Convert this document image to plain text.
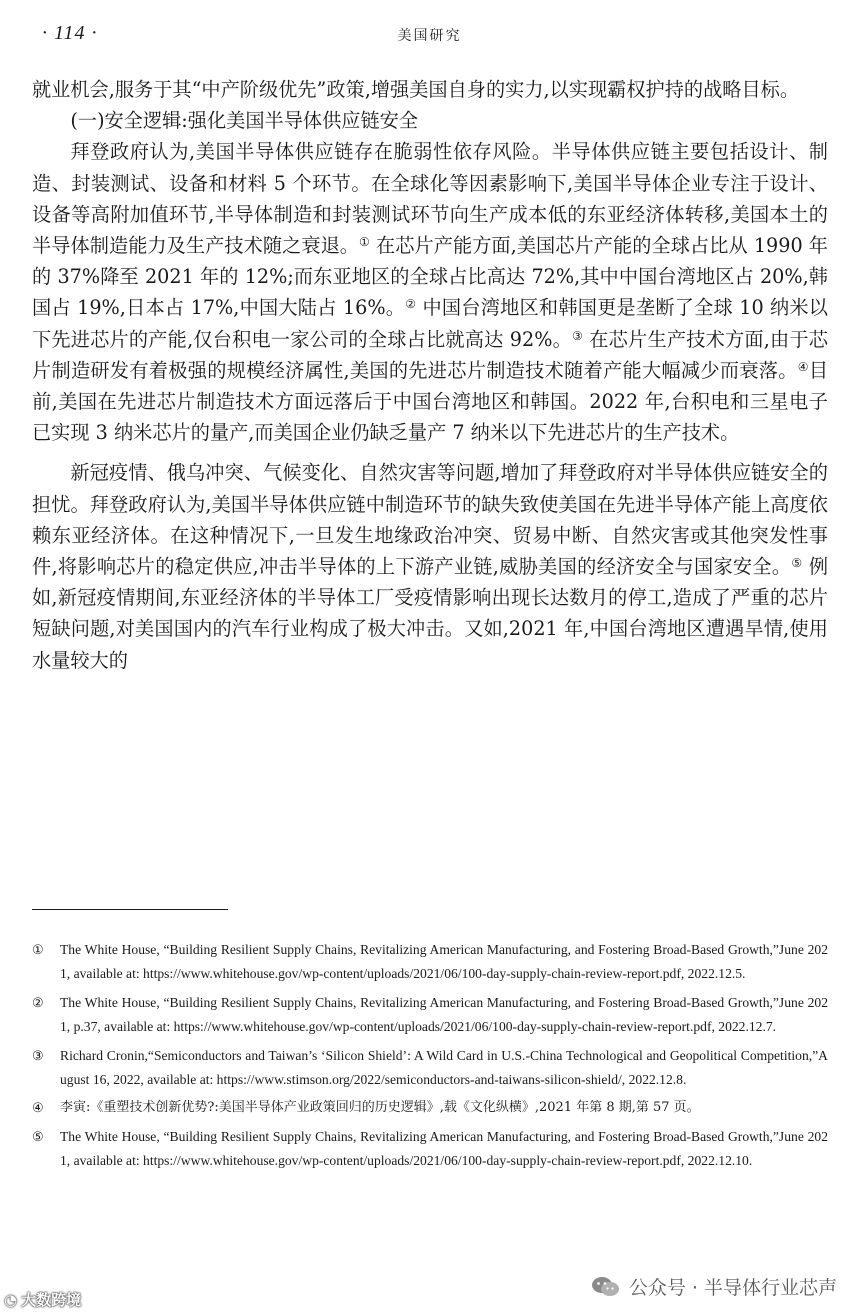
· 114 ·	美国研究

就业机会,服务于其“中产阶级优先”政策,增强美国自身的实力,以实现霸权护持的战略目标。

(一)安全逻辑:强化美国半导体供应链安全

拜登政府认为,美国半导体供应链存在脆弱性依存风险。半导体供应链主要包括设计、制造、封装测试、设备和材料 5 个环节。在全球化等因素影响下,美国半导体企业专注于设计、设备等高附加值环节,半导体制造和封装测试环节向生产成本低的东亚经济体转移,美国本土的半导体制造能力及生产技术随之衰退。① 在芯片产能方面,美国芯片产能的全球占比从 1990 年的 37%降至 2021 年的 12%;而东亚地区的全球占比高达 72%,其中中国台湾地区占 20%,韩国占 19%,日本占 17%,中国大陆占 16%。② 中国台湾地区和韩国更是垄断了全球 10 纳米以下先进芯片的产能,仅台积电一家公司的全球占比就高达 92%。③ 在芯片生产技术方面,由于芯片制造研发有着极强的规模经济属性,美国的先进芯片制造技术随着产能大幅减少而衰落。④目前,美国在先进芯片制造技术方面远落后于中国台湾地区和韩国。2022 年,台积电和三星电子已实现 3 纳米芯片的量产,而美国企业仍缺乏量产 7 纳米以下先进芯片的生产技术。

新冠疫情、俄乌冲突、气候变化、自然灾害等问题,增加了拜登政府对半导体供应链安全的担忧。拜登政府认为,美国半导体供应链中制造环节的缺失致使美国在先进半导体产能上高度依赖东亚经济体。在这种情况下,一旦发生地缘政治冲突、贸易中断、自然灾害或其他突发性事件,将影响芯片的稳定供应,冲击半导体的上下游产业链,威胁美国的经济安全与国家安全。⑤ 例如,新冠疫情期间,东亚经济体的半导体工厂受疫情影响出现长达数月的停工,造成了严重的芯片短缺问题,对美国国内的汽车行业构成了极大冲击。又如,2021 年,中国台湾地区遭遇旱情,使用水量较大的

①	The White House, “Building Resilient Supply Chains, Revitalizing American Manufacturing, and Fostering Broad-Based Growth,”June 2021, available at: https://www.whitehouse.gov/wp-content/uploads/2021/06/100-day-supply-chain-review-report.pdf, 2022.12.5.
②	The White House, “Building Resilient Supply Chains, Revitalizing American Manufacturing, and Fostering Broad-Based Growth,”June 2021, p.37, available at: https://www.whitehouse.gov/wp-content/uploads/2021/06/100-day-supply-chain-review-report.pdf, 2022.12.7.
③	Richard Cronin,“Semiconductors and Taiwan’s ‘Silicon Shield’: A Wild Card in U.S.-China Technological and Geopolitical Competition,”August 16, 2022, available at: https://www.stimson.org/2022/semiconductors-and-taiwans-silicon-shield/, 2022.12.8.
④	李寅:《重塑技术创新优势?:美国半导体产业政策回归的历史逻辑》,载《文化纵横》,2021 年第 8 期,第 57 页。
⑤	The White House, “Building Resilient Supply Chains, Revitalizing American Manufacturing, and Fostering Broad-Based Growth,”June 2021, available at: https://www.whitehouse.gov/wp-content/uploads/2021/06/100-day-supply-chain-review-report.pdf, 2022.12.10.
◔ 大数跨境
公众号 · 半导体行业芯声
